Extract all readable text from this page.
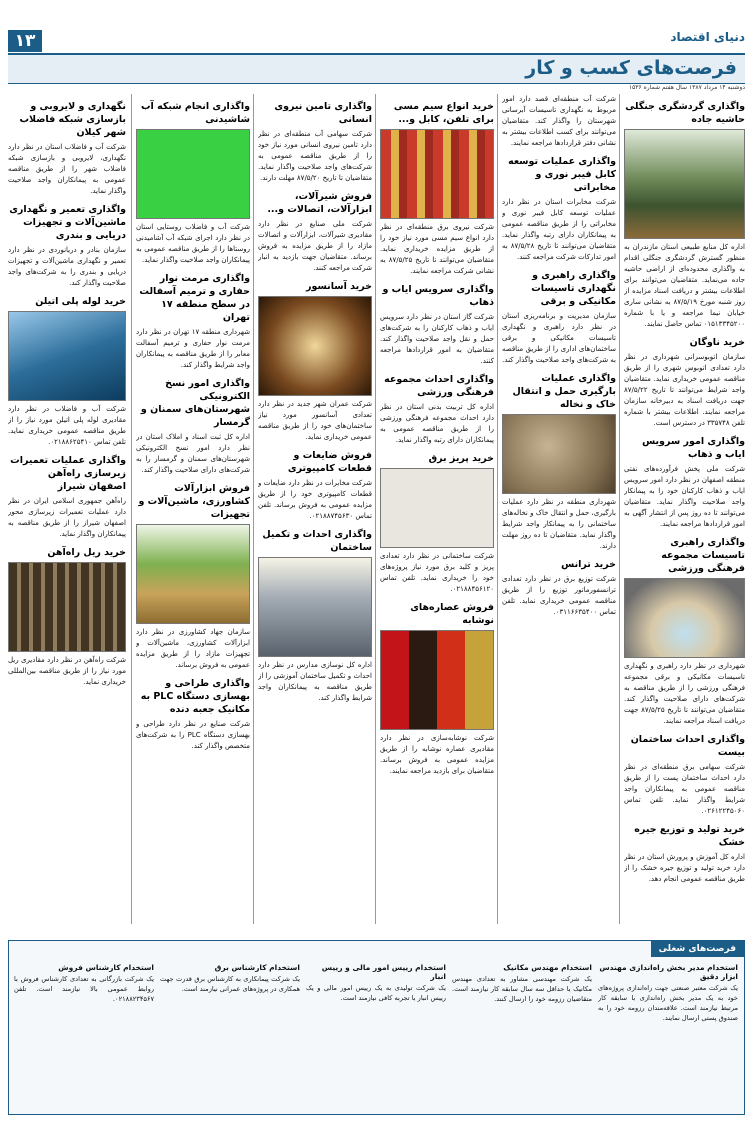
١٣	دنیای اقتصاد
فرصت‌های کسب و کار
دوشنبه ۱۴ مرداد ۱۳۸۷ سال هفتم شماره ۱۵۳۶
واگذاری گردشگری جنگلی حاشیه جاده

اداره کل منابع طبیعی استان مازندران به منظور گسترش گردشگری جنگلی اقدام به واگذاری محدوده‌ای از اراضی حاشیه جاده می‌نماید. متقاضیان می‌توانند برای اطلاعات بیشتر و دریافت اسناد مزایده از روز شنبه مورخ ۸۷/۵/۱۹ به نشانی ساری خیابان نیما مراجعه و یا با شماره ۰۱۵۱۳۳۴۵۲۰۰ تماس حاصل نمایند.

خرید ناوگان

سازمان اتوبوسرانی شهرداری در نظر دارد تعدادی اتوبوس شهری را از طریق مناقصه عمومی خریداری نماید. متقاضیان واجد شرایط می‌توانند تا تاریخ ۸۷/۵/۲۲ جهت دریافت اسناد به دبیرخانه سازمان مراجعه نمایند. اطلاعات بیشتر با شماره تلفن ۳۳۵۷۴۸ در دسترس است.

واگذاری امور سرویس ایاب و ذهاب

شرکت ملی پخش فرآورده‌های نفتی منطقه اصفهان در نظر دارد امور سرویس ایاب و ذهاب کارکنان خود را به پیمانکار واجد صلاحیت واگذار نماید. متقاضیان می‌توانند تا ده روز پس از انتشار آگهی به امور قراردادها مراجعه نمایند.

واگذاری راهبری تاسیسات مجموعه فرهنگی ورزشی

شهرداری در نظر دارد راهبری و نگهداری تاسیسات مکانیکی و برقی مجموعه فرهنگی ورزشی را از طریق مناقصه به شرکت‌های دارای صلاحیت واگذار کند. متقاضیان می‌توانند تا تاریخ ۸۷/۵/۲۵ جهت دریافت اسناد مراجعه نمایند.

واگذاری احداث ساختمان بیست

شرکت سهامی برق منطقه‌ای در نظر دارد احداث ساختمان پست را از طریق مناقصه عمومی به پیمانکاران واجد شرایط واگذار نماید. تلفن تماس ۰۲۶۱۲۲۴۵۰۶۰.

خرید تولید و توزیع جیره خشک

اداره کل آموزش و پرورش استان در نظر دارد خرید تولید و توزیع جیره خشک را از طریق مناقصه عمومی انجام دهد.

شرکت آب منطقه‌ای قصد دارد امور مربوط به نگهداری تاسیسات آبرسانی شهرستان را واگذار کند. متقاضیان می‌توانند برای کسب اطلاعات بیشتر به نشانی دفتر قراردادها مراجعه نمایند.

واگذاری عملیات توسعه کابل فیبر نوری و مخابراتی

شرکت مخابرات استان در نظر دارد عملیات توسعه کابل فیبر نوری و مخابراتی را از طریق مناقصه عمومی به پیمانکاران دارای رتبه واگذار نماید. متقاضیان می‌توانند تا تاریخ ۸۷/۵/۲۸ به امور تدارکات شرکت مراجعه کنند.

واگذاری راهبری و نگهداری تاسیسات مکانیکی و برقی

سازمان مدیریت و برنامه‌ریزی استان در نظر دارد راهبری و نگهداری تاسیسات مکانیکی و برقی ساختمان‌های اداری را از طریق مناقصه به شرکت‌های واجد صلاحیت واگذار کند.

واگذاری عملیات بارگیری حمل و انتقال خاک و نخاله

شهرداری منطقه در نظر دارد عملیات بارگیری، حمل و انتقال خاک و نخاله‌های ساختمانی را به پیمانکار واجد شرایط واگذار نماید. متقاضیان تا ده روز مهلت دارند.

خرید ترانس

شرکت توزیع برق در نظر دارد تعدادی ترانسفورماتور توزیع را از طریق مناقصه عمومی خریداری نماید. تلفن تماس ۰۳۱۱۶۶۳۵۴۰۰.

خرید انواع سیم مسی برای تلفن، کابل و...

شرکت نیروی برق منطقه‌ای در نظر دارد انواع سیم مسی مورد نیاز خود را از طریق مزایده خریداری نماید. متقاضیان می‌توانند تا تاریخ ۸۷/۵/۲۵ به نشانی شرکت مراجعه نمایند.

واگذاری سرویس ایاب و ذهاب

شرکت گاز استان در نظر دارد سرویس ایاب و ذهاب کارکنان را به شرکت‌های حمل و نقل واجد صلاحیت واگذار کند. متقاضیان به امور قراردادها مراجعه کنند.

واگذاری احداث مجموعه فرهنگی ورزشی

اداره کل تربیت بدنی استان در نظر دارد احداث مجموعه فرهنگی ورزشی را از طریق مناقصه عمومی به پیمانکاران دارای رتبه واگذار نماید.

خرید پریز برق

شرکت ساختمانی در نظر دارد تعدادی پریز و کلید برق مورد نیاز پروژه‌های خود را خریداری نماید. تلفن تماس ۰۲۱۸۸۴۵۶۱۲۰.

فروش عصاره‌های نوشابه

شرکت نوشابه‌سازی در نظر دارد مقادیری عصاره نوشابه را از طریق مزایده عمومی به فروش برساند. متقاضیان برای بازدید مراجعه نمایند.

واگذاری تامین نیروی انسانی

شرکت سهامی آب منطقه‌ای در نظر دارد تامین نیروی انسانی مورد نیاز خود را از طریق مناقصه عمومی به شرکت‌های واجد صلاحیت واگذار نماید. متقاضیان تا تاریخ ۸۷/۵/۲۰ مهلت دارند.

فروش شیرآلات، ابزارآلات، اتصالات و...

شرکت ملی صنایع در نظر دارد مقادیری شیرآلات، ابزارآلات و اتصالات مازاد را از طریق مزایده به فروش برساند. متقاضیان جهت بازدید به انبار شرکت مراجعه کنند.

خرید آسانسور

شرکت عمران شهر جدید در نظر دارد تعدادی آسانسور مورد نیاز ساختمان‌های خود را از طریق مناقصه عمومی خریداری نماید.

فروش ضایعات و قطعات کامپیوتری

شرکت مخابرات در نظر دارد ضایعات و قطعات کامپیوتری خود را از طریق مزایده عمومی به فروش برساند. تلفن تماس ۰۲۱۸۸۷۴۵۶۳۰.

واگذاری احداث و تکمیل ساختمان

اداره کل نوسازی مدارس در نظر دارد احداث و تکمیل ساختمان آموزشی را از طریق مناقصه به پیمانکاران واجد شرایط واگذار کند.

واگذاری انجام شبکه آب شاشیدنی

شرکت آب و فاضلاب روستایی استان در نظر دارد اجرای شبکه آب آشامیدنی روستاها را از طریق مناقصه عمومی به پیمانکاران واجد صلاحیت واگذار نماید.

واگذاری مرمت نوار حفاری و ترمیم آسفالت در سطح منطقه ۱۷ تهران

شهرداری منطقه ۱۷ تهران در نظر دارد مرمت نوار حفاری و ترمیم آسفالت معابر را از طریق مناقصه به پیمانکاران واجد شرایط واگذار کند.

واگذاری امور نسخ الکترونیکی شهرستان‌های سمنان و گرمسار

اداره کل ثبت اسناد و املاک استان در نظر دارد امور نسخ الکترونیکی شهرستان‌های سمنان و گرمسار را به شرکت‌های دارای صلاحیت واگذار کند.

فروش ابزارآلات کشاورزی، ماشین‌آلات و تجهیزات

سازمان جهاد کشاورزی در نظر دارد ابزارآلات کشاورزی، ماشین‌آلات و تجهیزات مازاد را از طریق مزایده عمومی به فروش برساند.

واگذاری طراحی و بهسازی دستگاه PLC به مکانیک جعبه دنده

شرکت صنایع در نظر دارد طراحی و بهسازی دستگاه PLC را به شرکت‌های متخصص واگذار کند.

نگهداری و لایروبی و بازسازی شبکه فاضلاب شهر کیلان

شرکت آب و فاضلاب استان در نظر دارد نگهداری، لایروبی و بازسازی شبکه فاضلاب شهر را از طریق مناقصه عمومی به پیمانکاران واجد صلاحیت واگذار نماید.

واگذاری تعمیر و نگهداری ماشین‌آلات و تجهیزات دریایی و بندری

سازمان بنادر و دریانوردی در نظر دارد تعمیر و نگهداری ماشین‌آلات و تجهیزات دریایی و بندری را به شرکت‌های واجد صلاحیت واگذار کند.

خرید لوله پلی اتیلن

شرکت آب و فاضلاب در نظر دارد مقادیری لوله پلی اتیلن مورد نیاز را از طریق مناقصه عمومی خریداری نماید. تلفن تماس ۰۲۱۸۸۶۲۵۴۱۰.

واگذاری عملیات تعمیرات زیرسازی راه‌آهن اصفهان شیراز

راه‌آهن جمهوری اسلامی ایران در نظر دارد عملیات تعمیرات زیرسازی محور اصفهان شیراز را از طریق مناقصه به پیمانکاران واگذار نماید.

خرید ریل راه‌آهن

شرکت راه‌آهن در نظر دارد مقادیری ریل مورد نیاز را از طریق مناقصه بین‌المللی خریداری نماید.

فرصت‌های شغلی
استخدام مدیر بخش راه‌اندازی مهندس ابزار دقیق

یک شرکت معتبر صنعتی جهت راه‌اندازی پروژه‌های خود به یک مدیر بخش راه‌اندازی با سابقه کار مرتبط نیازمند است. علاقه‌مندان رزومه خود را به صندوق پستی ارسال نمایند.

استخدام مهندس مکانیک

یک شرکت مهندسی مشاور به تعدادی مهندس مکانیک با حداقل سه سال سابقه کار نیازمند است. متقاضیان رزومه خود را ارسال کنند.

استخدام رییس امور مالی و رییس انبار

یک شرکت تولیدی به یک رییس امور مالی و یک رییس انبار با تجربه کافی نیازمند است.

استخدام کارشناس برق

یک شرکت پیمانکاری به کارشناس برق قدرت جهت همکاری در پروژه‌های عمرانی نیازمند است.

استخدام کارشناس فروش

یک شرکت بازرگانی به تعدادی کارشناس فروش با روابط عمومی بالا نیازمند است. تلفن ۰۲۱۸۸۲۳۴۵۶۷.
